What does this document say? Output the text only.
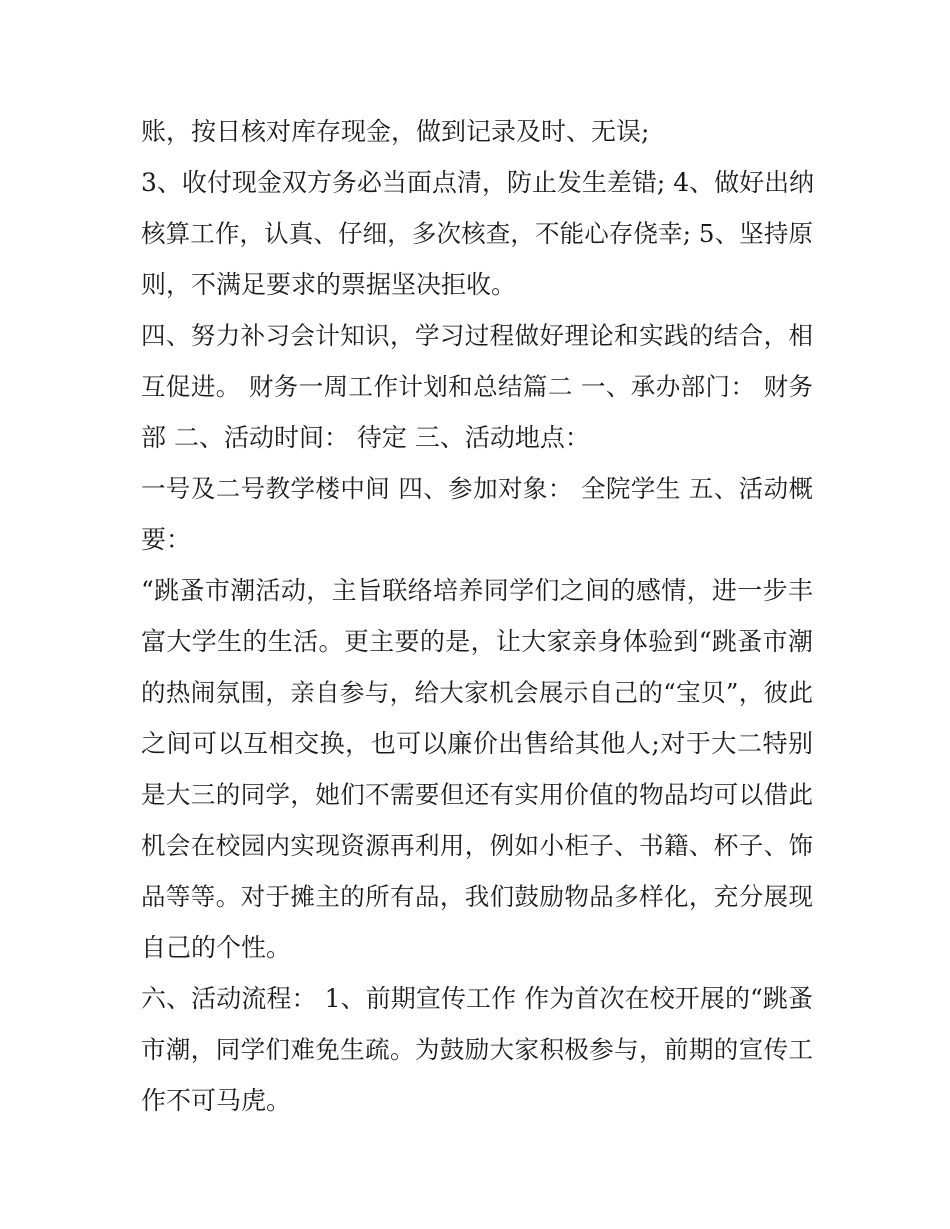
账，按日核对库存现金，做到记录及时、无误;
3、收付现金双方务必当面点清，防止发生差错; 4、做好出纳
核算工作，认真、仔细，多次核查，不能心存侥幸; 5、坚持原
则，不满足要求的票据坚决拒收。
四、努力补习会计知识，学习过程做好理论和实践的结合，相
互促进。 财务一周工作计划和总结篇二 一、承办部门： 财务
部 二、活动时间： 待定 三、活动地点：
一号及二号教学楼中间 四、参加对象： 全院学生 五、活动概
要：
“跳蚤市潮活动，主旨联络培养同学们之间的感情，进一步丰
富大学生的生活。更主要的是，让大家亲身体验到“跳蚤市潮
的热闹氛围，亲自参与，给大家机会展示自己的“宝贝”，彼此
之间可以互相交换，也可以廉价出售给其他人;对于大二特别
是大三的同学，她们不需要但还有实用价值的物品均可以借此
机会在校园内实现资源再利用，例如小柜子、书籍、杯子、饰
品等等。对于摊主的所有品，我们鼓励物品多样化，充分展现
自己的个性。
六、活动流程： 1、前期宣传工作 作为首次在校开展的“跳蚤
市潮，同学们难免生疏。为鼓励大家积极参与，前期的宣传工
作不可马虎。
